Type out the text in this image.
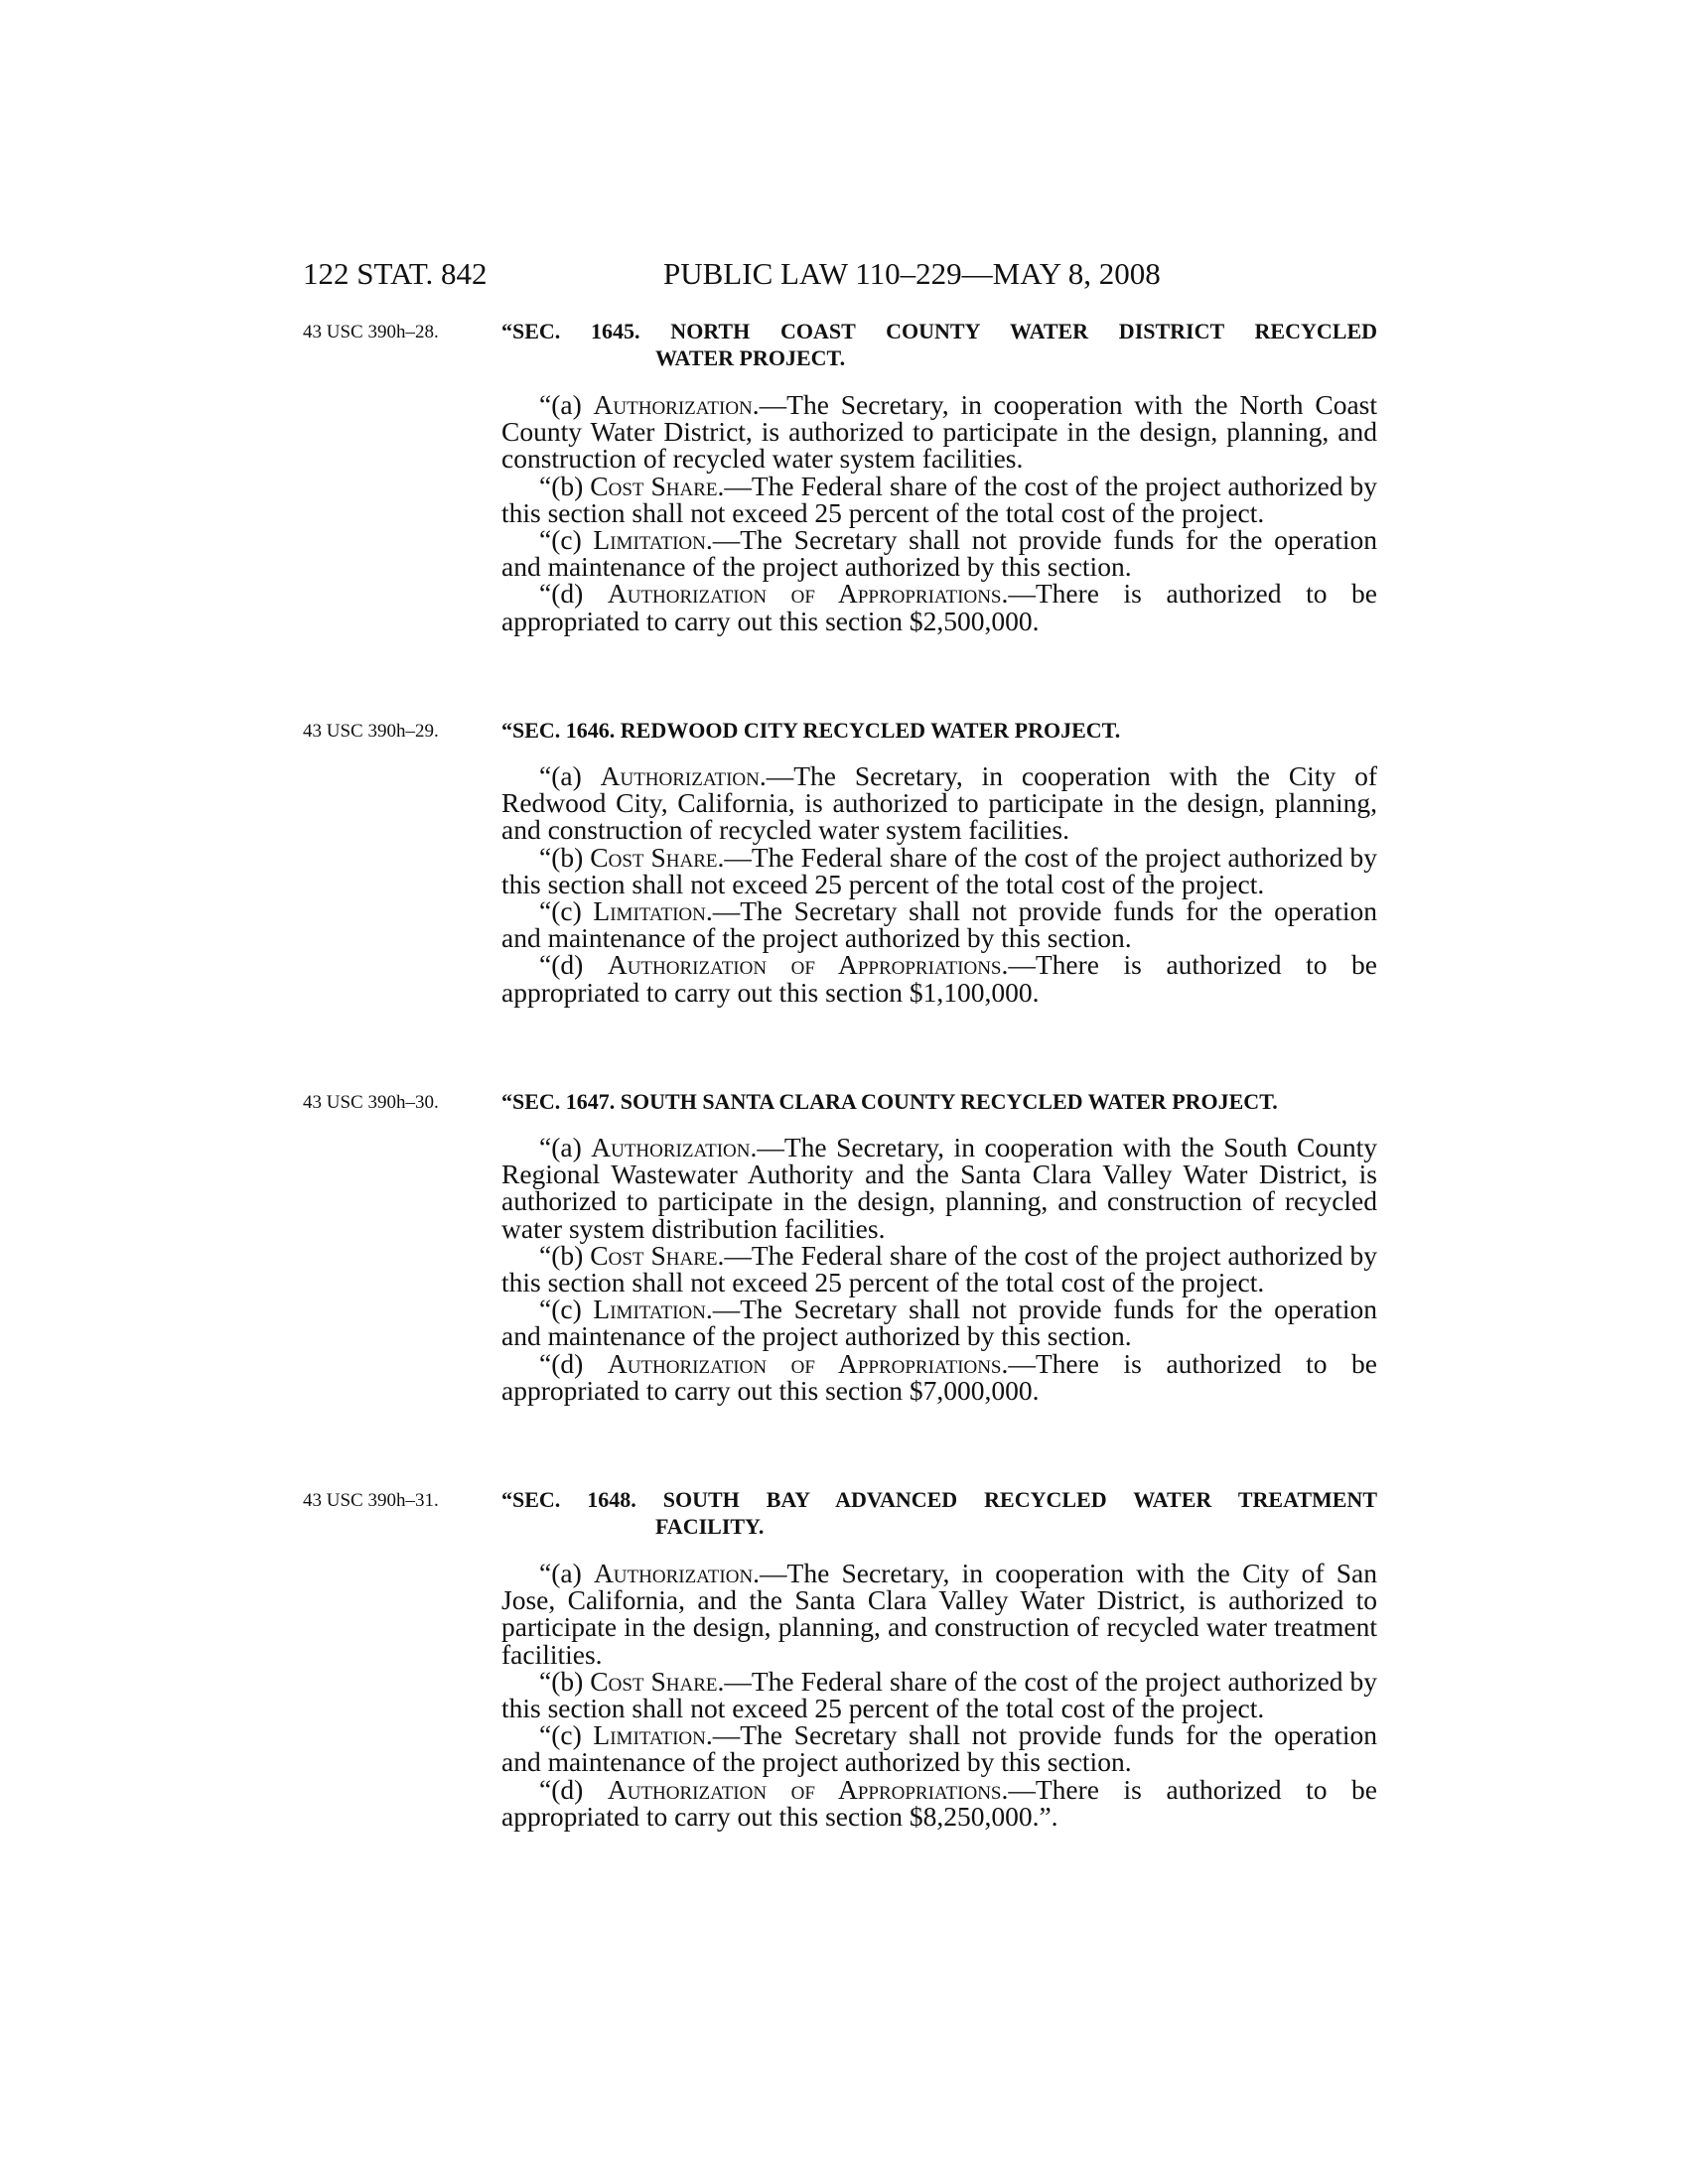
122 STAT. 842	PUBLIC LAW 110–229—MAY 8, 2008
43 USC 390h–28.	“SEC. 1645. NORTH COAST COUNTY WATER DISTRICT RECYCLED
WATER PROJECT.

“(a) Authorization.—The Secretary, in cooperation with the North Coast County Water District, is authorized to participate in the design, planning, and construction of recycled water system facilities.

“(b) Cost Share.—The Federal share of the cost of the project authorized by this section shall not exceed 25 percent of the total cost of the project.

“(c) Limitation.—The Secretary shall not provide funds for the operation and maintenance of the project authorized by this section.

“(d) Authorization of Appropriations.—There is authorized to be appropriated to carry out this section $2,500,000.

43 USC 390h–29.	“SEC. 1646. REDWOOD CITY RECYCLED WATER PROJECT.

“(a) Authorization.—The Secretary, in cooperation with the City of Redwood City, California, is authorized to participate in the design, planning, and construction of recycled water system facilities.

“(b) Cost Share.—The Federal share of the cost of the project authorized by this section shall not exceed 25 percent of the total cost of the project.

“(c) Limitation.—The Secretary shall not provide funds for the operation and maintenance of the project authorized by this section.

“(d) Authorization of Appropriations.—There is authorized to be appropriated to carry out this section $1,100,000.

43 USC 390h–30.	“SEC. 1647. SOUTH SANTA CLARA COUNTY RECYCLED WATER PROJECT.

“(a) Authorization.—The Secretary, in cooperation with the South County Regional Wastewater Authority and the Santa Clara Valley Water District, is authorized to participate in the design, planning, and construction of recycled water system distribution facilities.

“(b) Cost Share.—The Federal share of the cost of the project authorized by this section shall not exceed 25 percent of the total cost of the project.

“(c) Limitation.—The Secretary shall not provide funds for the operation and maintenance of the project authorized by this section.

“(d) Authorization of Appropriations.—There is authorized to be appropriated to carry out this section $7,000,000.

43 USC 390h–31.	“SEC. 1648. SOUTH BAY ADVANCED RECYCLED WATER TREATMENT
FACILITY.

“(a) Authorization.—The Secretary, in cooperation with the City of San Jose, California, and the Santa Clara Valley Water District, is authorized to participate in the design, planning, and construction of recycled water treatment facilities.

“(b) Cost Share.—The Federal share of the cost of the project authorized by this section shall not exceed 25 percent of the total cost of the project.

“(c) Limitation.—The Secretary shall not provide funds for the operation and maintenance of the project authorized by this section.

“(d) Authorization of Appropriations.—There is authorized to be appropriated to carry out this section $8,250,000.”.
